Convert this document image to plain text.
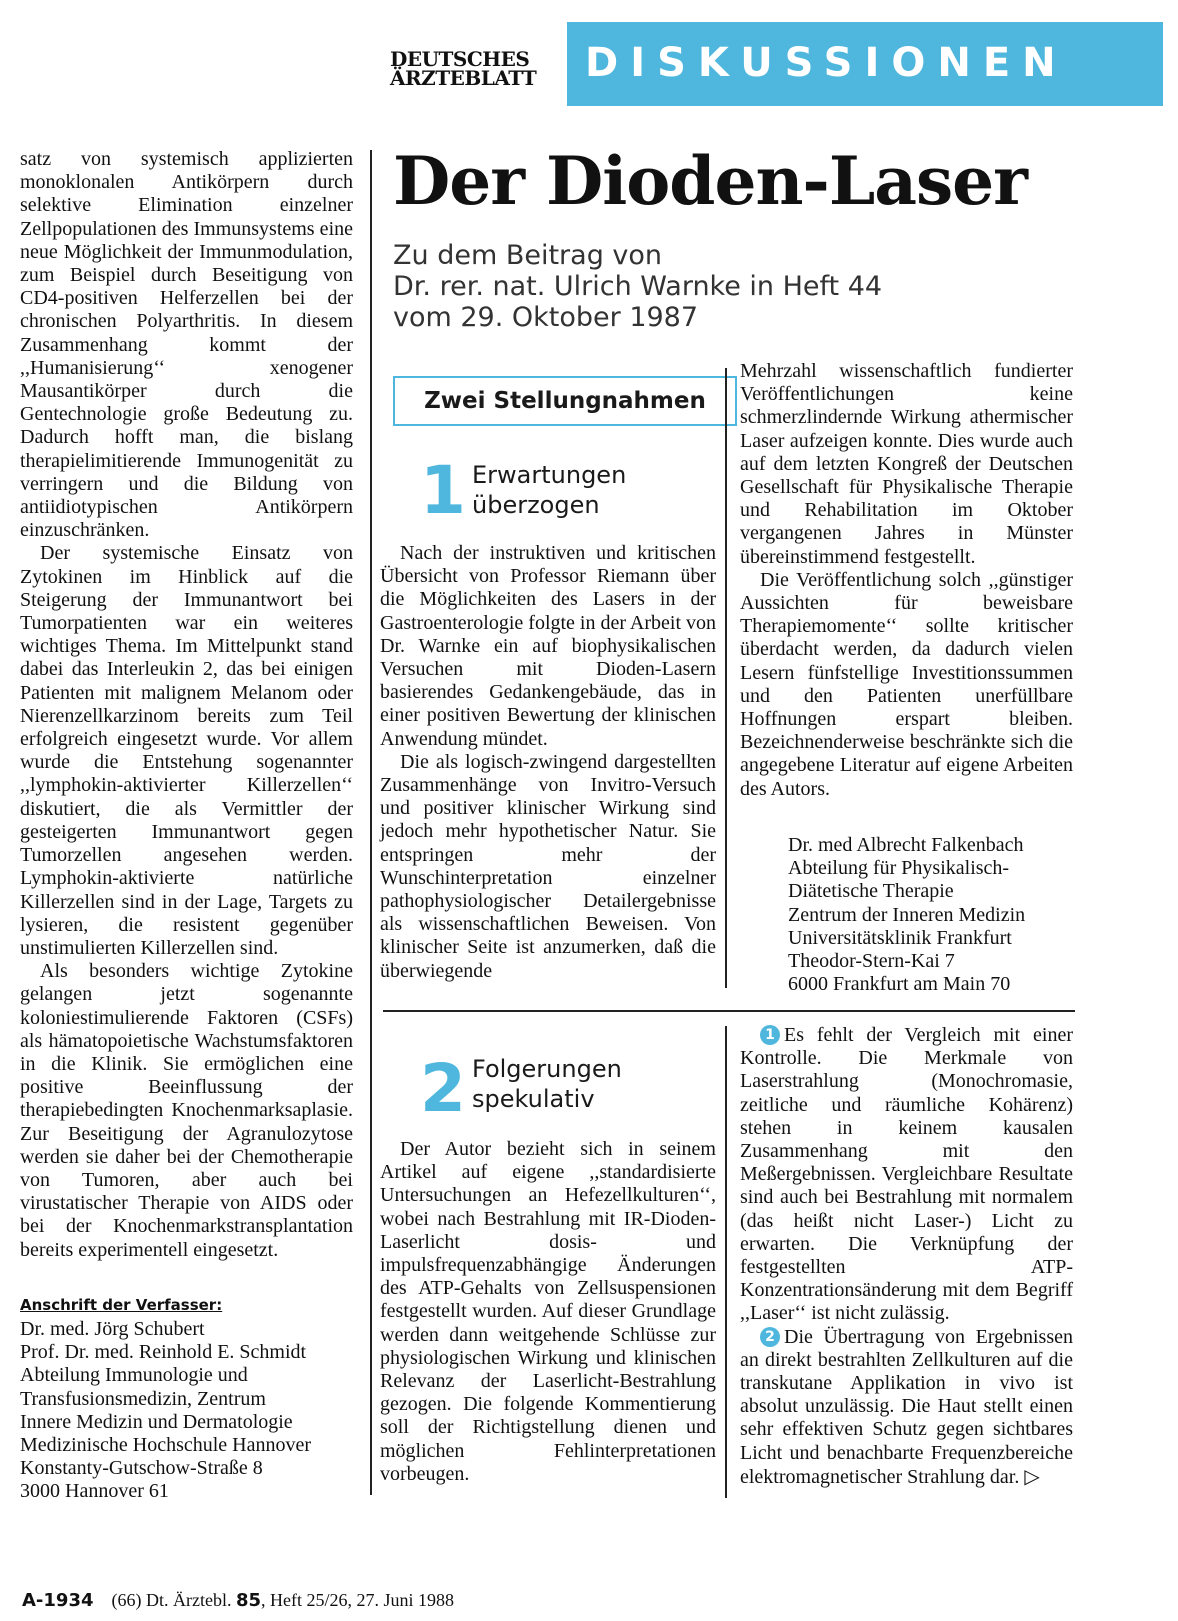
DEUTSCHES
ÄRZTEBLATT	DISKUSSIONEN

satz von systemisch applizierten monoklonalen Antikörpern durch selektive Elimination einzelner Zellpopulationen des Immunsystems eine neue Möglichkeit der Immunmodulation, zum Beispiel durch Beseitigung von CD4-positiven Helferzellen bei der chronischen Polyarthritis. In diesem Zusammenhang kommt der ,,Humanisierung‘‘ xenogener Mausantikörper durch die Gentechnologie große Bedeutung zu. Dadurch hofft man, die bislang therapielimitierende Immunogenität zu verringern und die Bildung von antiidiotypischen Antikörpern einzuschränken.

Der systemische Einsatz von Zytokinen im Hinblick auf die Steigerung der Immunantwort bei Tumorpatienten war ein weiteres wichtiges Thema. Im Mittelpunkt stand dabei das Interleukin 2, das bei einigen Patienten mit malignem Melanom oder Nierenzellkarzinom bereits zum Teil erfolgreich eingesetzt wurde. Vor allem wurde die Entstehung sogenannter ,,lymphokin-aktivierter Killerzellen‘‘ diskutiert, die als Vermittler der gesteigerten Immunantwort gegen Tumorzellen angesehen werden. Lymphokin-aktivierte natürliche Killerzellen sind in der Lage, Targets zu lysieren, die resistent gegenüber unstimulierten Killerzellen sind.

Als besonders wichtige Zytokine gelangen jetzt sogenannte koloniestimulierende Faktoren (CSFs) als hämatopoietische Wachstumsfaktoren in die Klinik. Sie ermöglichen eine positive Beeinflussung der therapiebedingten Knochenmarksaplasie. Zur Beseitigung der Agranulozytose werden sie daher bei der Chemotherapie von Tumoren, aber auch bei virustatischer Therapie von AIDS oder bei der Knochenmarkstransplantation bereits experimentell eingesetzt.

Anschrift der Verfasser:
Dr. med. Jörg Schubert
Prof. Dr. med. Reinhold E. Schmidt
Abteilung Immunologie und Transfusionsmedizin, Zentrum
Innere Medizin und Dermatologie
Medizinische Hochschule Hannover
Konstanty-Gutschow-Straße 8
3000 Hannover 61
Der Dioden-Laser
Zu dem Beitrag von
Dr. rer. nat. Ulrich Warnke in Heft 44
vom 29. Oktober 1987
Zwei Stellungnahmen
1 Erwartungen
überzogen

Nach der instruktiven und kritischen Übersicht von Professor Riemann über die Möglichkeiten des Lasers in der Gastroenterologie folgte in der Arbeit von Dr. Warnke ein auf biophysikalischen Versuchen mit Dioden-Lasern basierendes Gedankengebäude, das in einer positiven Bewertung der klinischen Anwendung mündet.

Die als logisch-zwingend dargestellten Zusammenhänge von Invitro-Versuch und positiver klinischer Wirkung sind jedoch mehr hypothetischer Natur. Sie entspringen mehr der Wunschinterpretation einzelner pathophysiologischer Detailergebnisse als wissenschaftlichen Beweisen. Von klinischer Seite ist anzumerken, daß die überwiegende

Mehrzahl wissenschaftlich fundierter Veröffentlichungen keine schmerzlindernde Wirkung athermischer Laser aufzeigen konnte. Dies wurde auch auf dem letzten Kongreß der Deutschen Gesellschaft für Physikalische Therapie und Rehabilitation im Oktober vergangenen Jahres in Münster übereinstimmend festgestellt.

Die Veröffentlichung solch ,,günstiger Aussichten für beweisbare Therapiemomente‘‘ sollte kritischer überdacht werden, da dadurch vielen Lesern fünfstellige Investitionssummen und den Patienten unerfüllbare Hoffnungen erspart bleiben. Bezeichnenderweise beschränkte sich die angegebene Literatur auf eigene Arbeiten des Autors.

Dr. med Albrecht Falkenbach
Abteilung für Physikalisch-
Diätetische Therapie
Zentrum der Inneren Medizin
Universitätsklinik Frankfurt
Theodor-Stern-Kai 7
6000 Frankfurt am Main 70
2 Folgerungen
spekulativ

Der Autor bezieht sich in seinem Artikel auf eigene ,,standardisierte Untersuchungen an Hefezellkulturen‘‘, wobei nach Bestrahlung mit IR-Dioden-Laserlicht dosis- und impulsfrequenzabhängige Änderungen des ATP-Gehalts von Zellsuspensionen festgestellt wurden. Auf dieser Grundlage werden dann weitgehende Schlüsse zur physiologischen Wirkung und klinischen Relevanz der Laserlicht-Bestrahlung gezogen. Die folgende Kommentierung soll der Richtigstellung dienen und möglichen Fehlinterpretationen vorbeugen.

1 Es fehlt der Vergleich mit einer Kontrolle. Die Merkmale von Laserstrahlung (Monochromasie, zeitliche und räumliche Kohärenz) stehen in keinem kausalen Zusammenhang mit den Meßergebnissen. Vergleichbare Resultate sind auch bei Bestrahlung mit normalem (das heißt nicht Laser-) Licht zu erwarten. Die Verknüpfung der festgestellten ATP-Konzentrationsänderung mit dem Begriff ,,Laser‘‘ ist nicht zulässig.

2 Die Übertragung von Ergebnissen an direkt bestrahlten Zellkulturen auf die transkutane Applikation in vivo ist absolut unzulässig. Die Haut stellt einen sehr effektiven Schutz gegen sichtbares Licht und benachbarte Frequenzbereiche elektromagnetischer Strahlung dar. ▷

A-1934 (66) Dt. Ärztebl. 85, Heft 25/26, 27. Juni 1988
